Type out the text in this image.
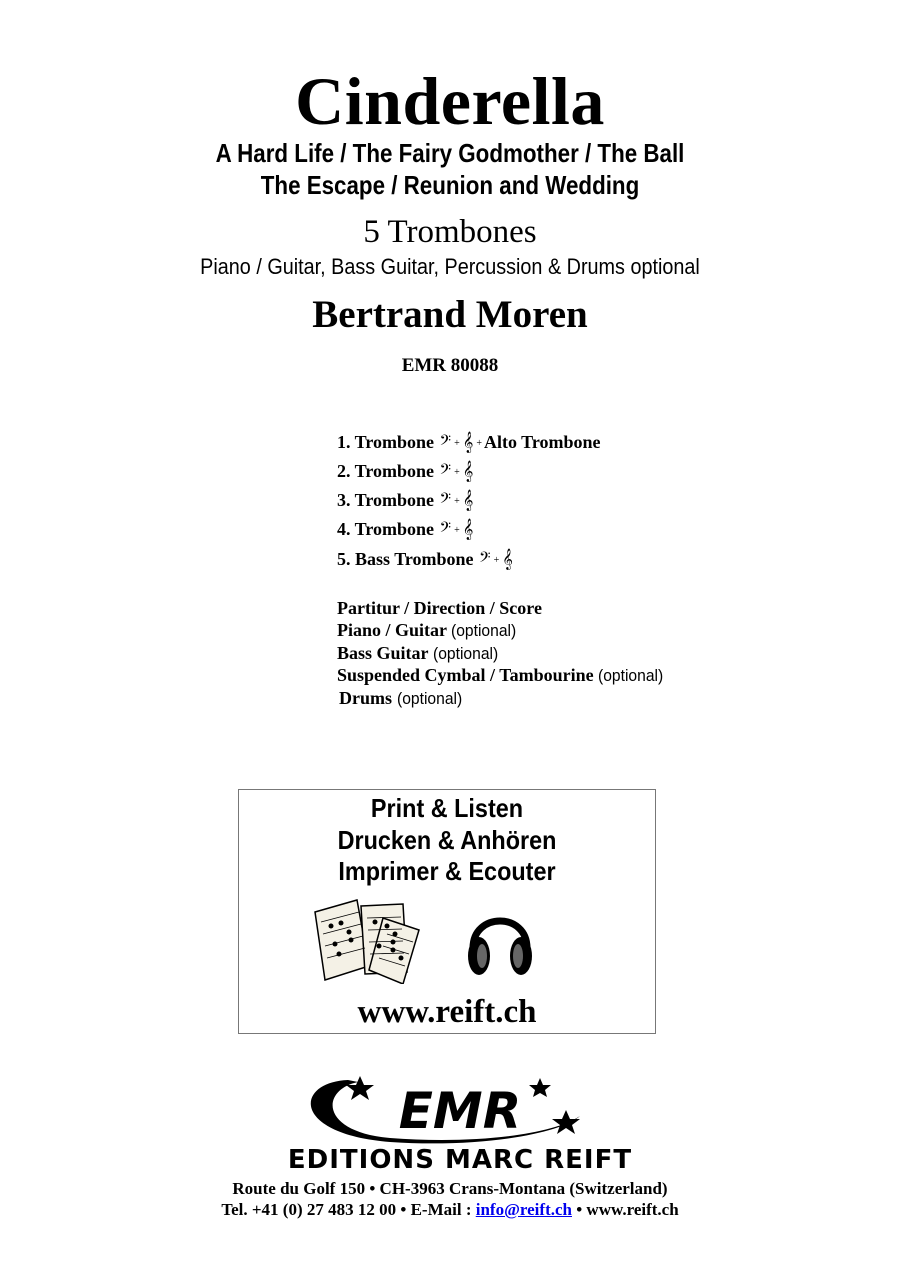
Cinderella
A Hard Life / The Fairy Godmother / The Ball
The Escape / Reunion and Wedding
5 Trombones
Piano / Guitar, Bass Guitar, Percussion & Drums optional
Bertrand Moren
EMR 80088
1. Trombone 𝄢 + 𝄞 + Alto Trombone
2. Trombone 𝄢 + 𝄞
3. Trombone 𝄢 + 𝄞
4. Trombone 𝄢 + 𝄞
5. Bass Trombone 𝄢 + 𝄞
Partitur / Direction / Score
Piano / Guitar (optional)
Bass Guitar (optional)
Suspended Cymbal / Tambourine (optional)
Drums (optional)
Print & Listen
Drucken & Anhören
Imprimer & Ecouter
www.reift.ch
EMR
EDITIONS MARC REIFT
Route du Golf 150 • CH-3963 Crans-Montana (Switzerland)
Tel. +41 (0) 27 483 12 00 • E-Mail : info@reift.ch • www.reift.ch
